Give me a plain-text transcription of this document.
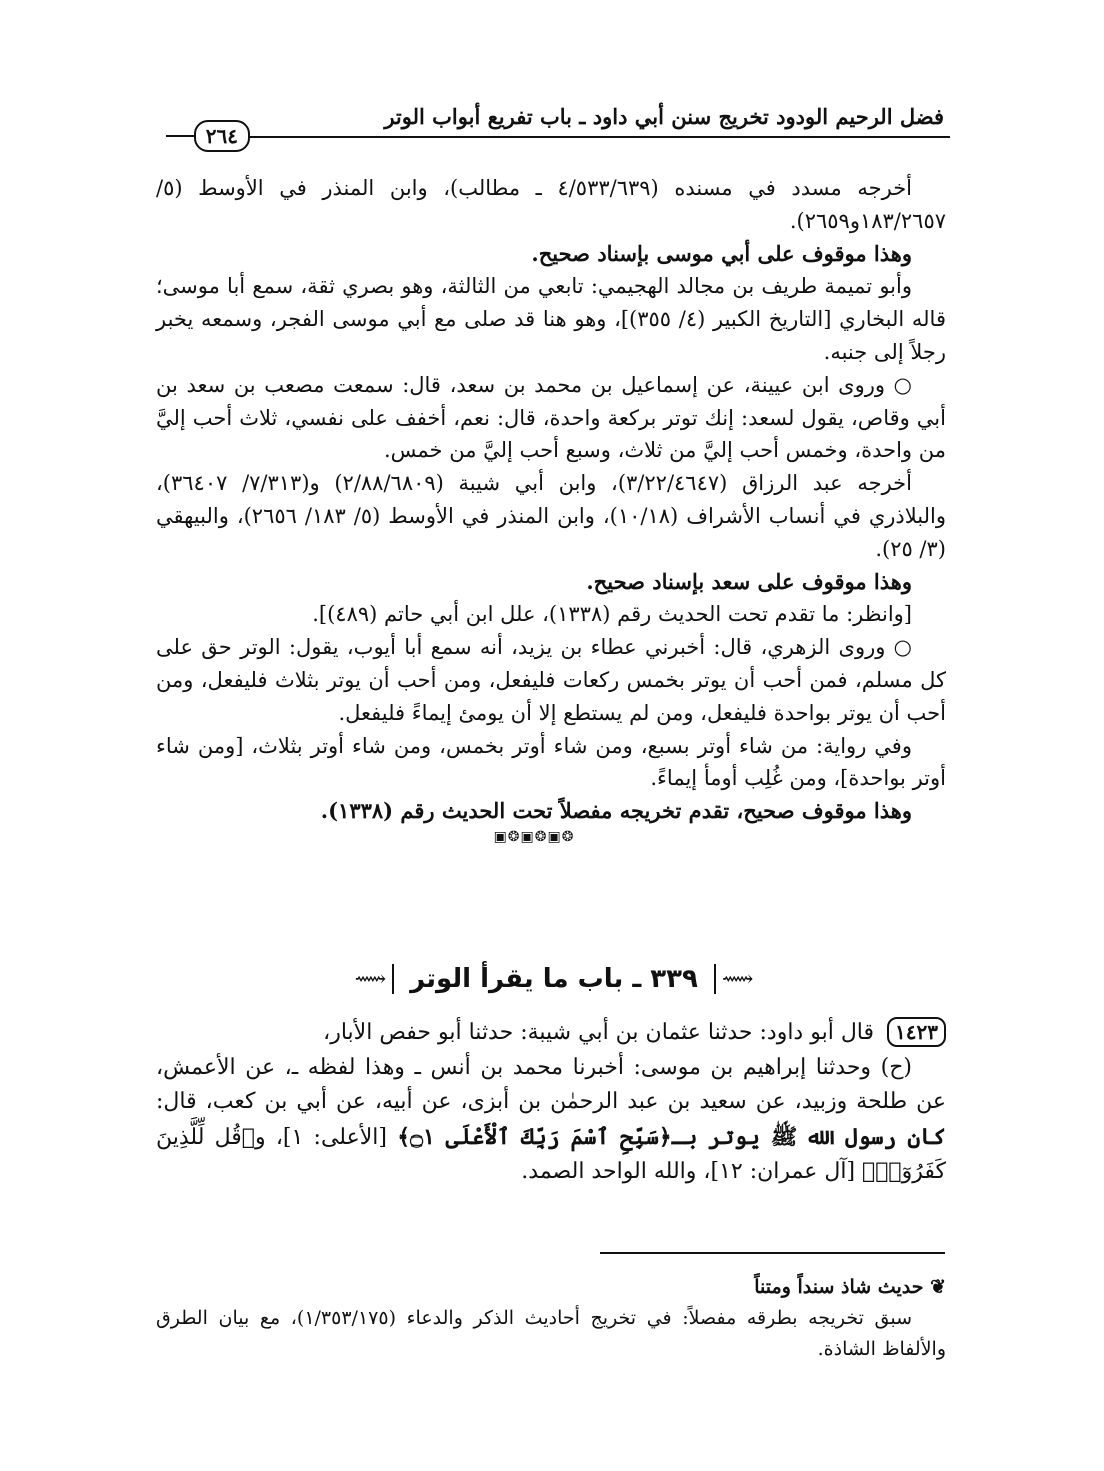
فضل الرحيم الودود تخريج سنن أبي داود ـ باب تفريع أبواب الوتر
٢٦٤

أخرجه مسدد في مسنده (٤/٥٣٣/٦٣٩ ـ مطالب)، وابن المنذر في الأوسط (٥/ ١٨٣/٢٦٥٧و٢٦٥٩).

وهذا موقوف على أبي موسى بإسناد صحيح.

وأبو تميمة طريف بن مجالد الهجيمي: تابعي من الثالثة، وهو بصري ثقة، سمع أبا موسى؛ قاله البخاري [التاريخ الكبير (٤/ ٣٥٥)]، وهو هنا قد صلى مع أبي موسى الفجر، وسمعه يخبر رجلاً إلى جنبه.

○ وروى ابن عيينة، عن إسماعيل بن محمد بن سعد، قال: سمعت مصعب بن سعد بن أبي وقاص، يقول لسعد: إنك توتر بركعة واحدة، قال: نعم، أخفف على نفسي، ثلاث أحب إليَّ من واحدة، وخمس أحب إليَّ من ثلاث، وسبع أحب إليَّ من خمس.

أخرجه عبد الرزاق (٣/٢٢/٤٦٤٧)، وابن أبي شيبة (٢/٨٨/٦٨٠٩) و(٧/٣١٣/ ٣٦٤٠٧)، والبلاذري في أنساب الأشراف (١٠/١٨)، وابن المنذر في الأوسط (٥/ ١٨٣/ ٢٦٥٦)، والبيهقي (٣/ ٢٥).

وهذا موقوف على سعد بإسناد صحيح.

[وانظر: ما تقدم تحت الحديث رقم (١٣٣٨)، علل ابن أبي حاتم (٤٨٩)].

○ وروى الزهري، قال: أخبرني عطاء بن يزيد، أنه سمع أبا أيوب، يقول: الوتر حق على كل مسلم، فمن أحب أن يوتر بخمس ركعات فليفعل، ومن أحب أن يوتر بثلاث فليفعل، ومن أحب أن يوتر بواحدة فليفعل، ومن لم يستطع إلا أن يومئ إيماءً فليفعل.

وفي رواية: من شاء أوتر بسبع، ومن شاء أوتر بخمس، ومن شاء أوتر بثلاث، [ومن شاء أوتر بواحدة]، ومن غُلِب أومأ إيماءً.

وهذا موقوف صحيح، تقدم تخريجه مفصلاً تحت الحديث رقم (١٣٣٨).

❂▣❂▣❂▣

⟿
٣٣٩ ـ باب ما يقرأ الوتر
⟿

١٤٢٣ قال أبو داود: حدثنا عثمان بن أبي شيبة: حدثنا أبو حفص الأبار،

(ح) وحدثنا إبراهيم بن موسى: أخبرنا محمد بن أنس ـ وهذا لفظه ـ، عن الأعمش، عن طلحة وزبيد، عن سعيد بن عبد الرحمٰن بن أبزى، عن أبيه، عن أبي بن كعب، قال: كان رسول الله ﷺ يوتر بـ﴿سَبِّحِ ٱسْمَ رَبِّكَ ٱلْأَعْلَى ۝١﴾ [الأعلى: ١]، و﴿قُل لِّلَّذِينَ كَفَرُوٓا۟﴾ [آل عمران: ١٢]، والله الواحد الصمد.

❦ حديث شاذ سنداً ومتناً

سبق تخريجه بطرقه مفصلاً: في تخريج أحاديث الذكر والدعاء (١/٣٥٣/١٧٥)، مع بيان الطرق والألفاظ الشاذة.
